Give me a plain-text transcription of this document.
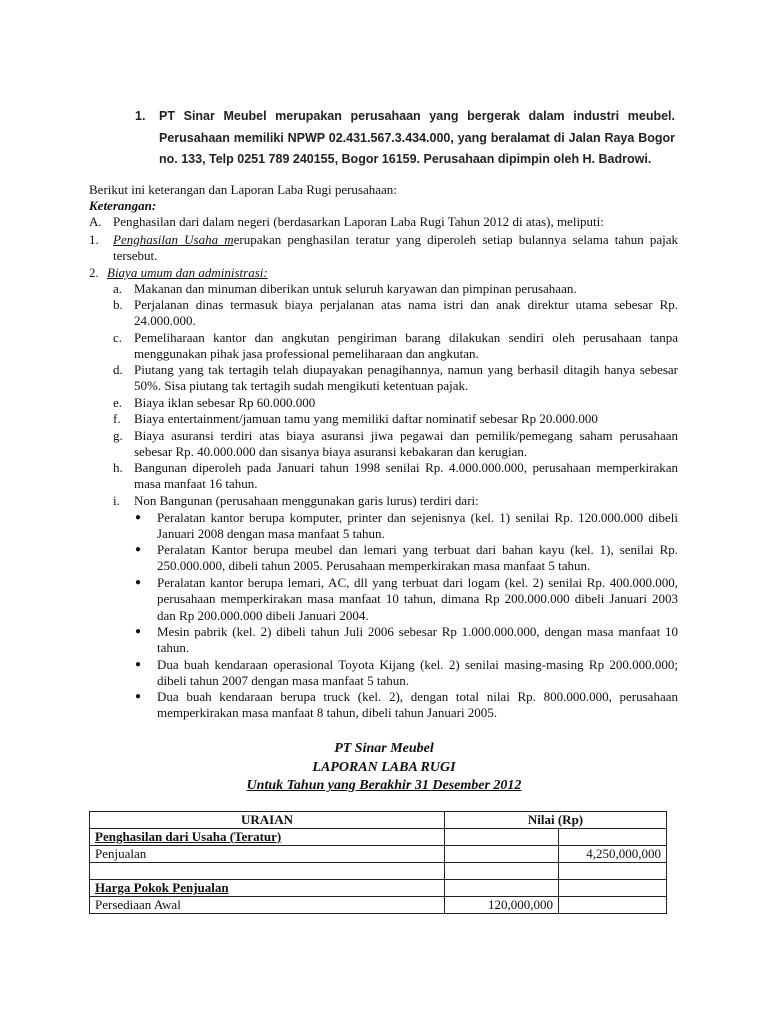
1. PT Sinar Meubel merupakan perusahaan yang bergerak dalam industri meubel. Perusahaan memiliki NPWP 02.431.567.3.434.000, yang beralamat di Jalan Raya Bogor no. 133, Telp 0251 789 240155, Bogor 16159. Perusahaan dipimpin oleh H. Badrowi.
Berikut ini keterangan dan Laporan Laba Rugi perusahaan:
Keterangan:
A. Penghasilan dari dalam negeri (berdasarkan Laporan Laba Rugi Tahun 2012 di atas), meliputi:
1. Penghasilan Usaha merupakan penghasilan teratur yang diperoleh setiap bulannya selama tahun pajak tersebut.
2. Biaya umum dan administrasi:
a. Makanan dan minuman diberikan untuk seluruh karyawan dan pimpinan perusahaan.
b. Perjalanan dinas termasuk biaya perjalanan atas nama istri dan anak direktur utama sebesar Rp. 24.000.000.
c. Pemeliharaan kantor dan angkutan pengiriman barang dilakukan sendiri oleh perusahaan tanpa menggunakan pihak jasa professional pemeliharaan dan angkutan.
d. Piutang yang tak tertagih telah diupayakan penagihannya, namun yang berhasil ditagih hanya sebesar 50%. Sisa piutang tak tertagih sudah mengikuti ketentuan pajak.
e. Biaya iklan sebesar Rp 60.000.000
f. Biaya entertainment/jamuan tamu yang memiliki daftar nominatif sebesar Rp 20.000.000
g. Biaya asuransi terdiri atas biaya asuransi jiwa pegawai dan pemilik/pemegang saham perusahaan sebesar Rp. 40.000.000 dan sisanya biaya asuransi kebakaran dan kerugian.
h. Bangunan diperoleh pada Januari tahun 1998 senilai Rp. 4.000.000.000, perusahaan memperkirakan masa manfaat 16 tahun.
i. Non Bangunan (perusahaan menggunakan garis lurus) terdiri dari:
● Peralatan kantor berupa komputer, printer dan sejenisnya (kel. 1) senilai Rp. 120.000.000 dibeli Januari 2008 dengan masa manfaat 5 tahun.
● Peralatan Kantor berupa meubel dan lemari yang terbuat dari bahan kayu (kel. 1), senilai Rp. 250.000.000, dibeli tahun 2005. Perusahaan memperkirakan masa manfaat 5 tahun.
● Peralatan kantor berupa lemari, AC, dll yang terbuat dari logam (kel. 2) senilai Rp. 400.000.000, perusahaan memperkirakan masa manfaat 10 tahun, dimana Rp 200.000.000 dibeli Januari 2003 dan Rp 200.000.000 dibeli Januari 2004.
● Mesin pabrik (kel. 2) dibeli tahun Juli 2006 sebesar Rp 1.000.000.000, dengan masa manfaat 10 tahun.
● Dua buah kendaraan operasional Toyota Kijang (kel. 2) senilai masing-masing Rp 200.000.000; dibeli tahun 2007 dengan masa manfaat 5 tahun.
● Dua buah kendaraan berupa truck (kel. 2), dengan total nilai Rp. 800.000.000, perusahaan memperkirakan masa manfaat 8 tahun, dibeli tahun Januari 2005.
PT Sinar Meubel
LAPORAN LABA RUGI
Untuk Tahun yang Berakhir 31 Desember 2012
URAIAN	Nilai (Rp)	
Penghasilan dari Usaha (Teratur)		
Penjualan		4,250,000,000

Harga Pokok Penjualan		
Persediaan Awal	120,000,000	
